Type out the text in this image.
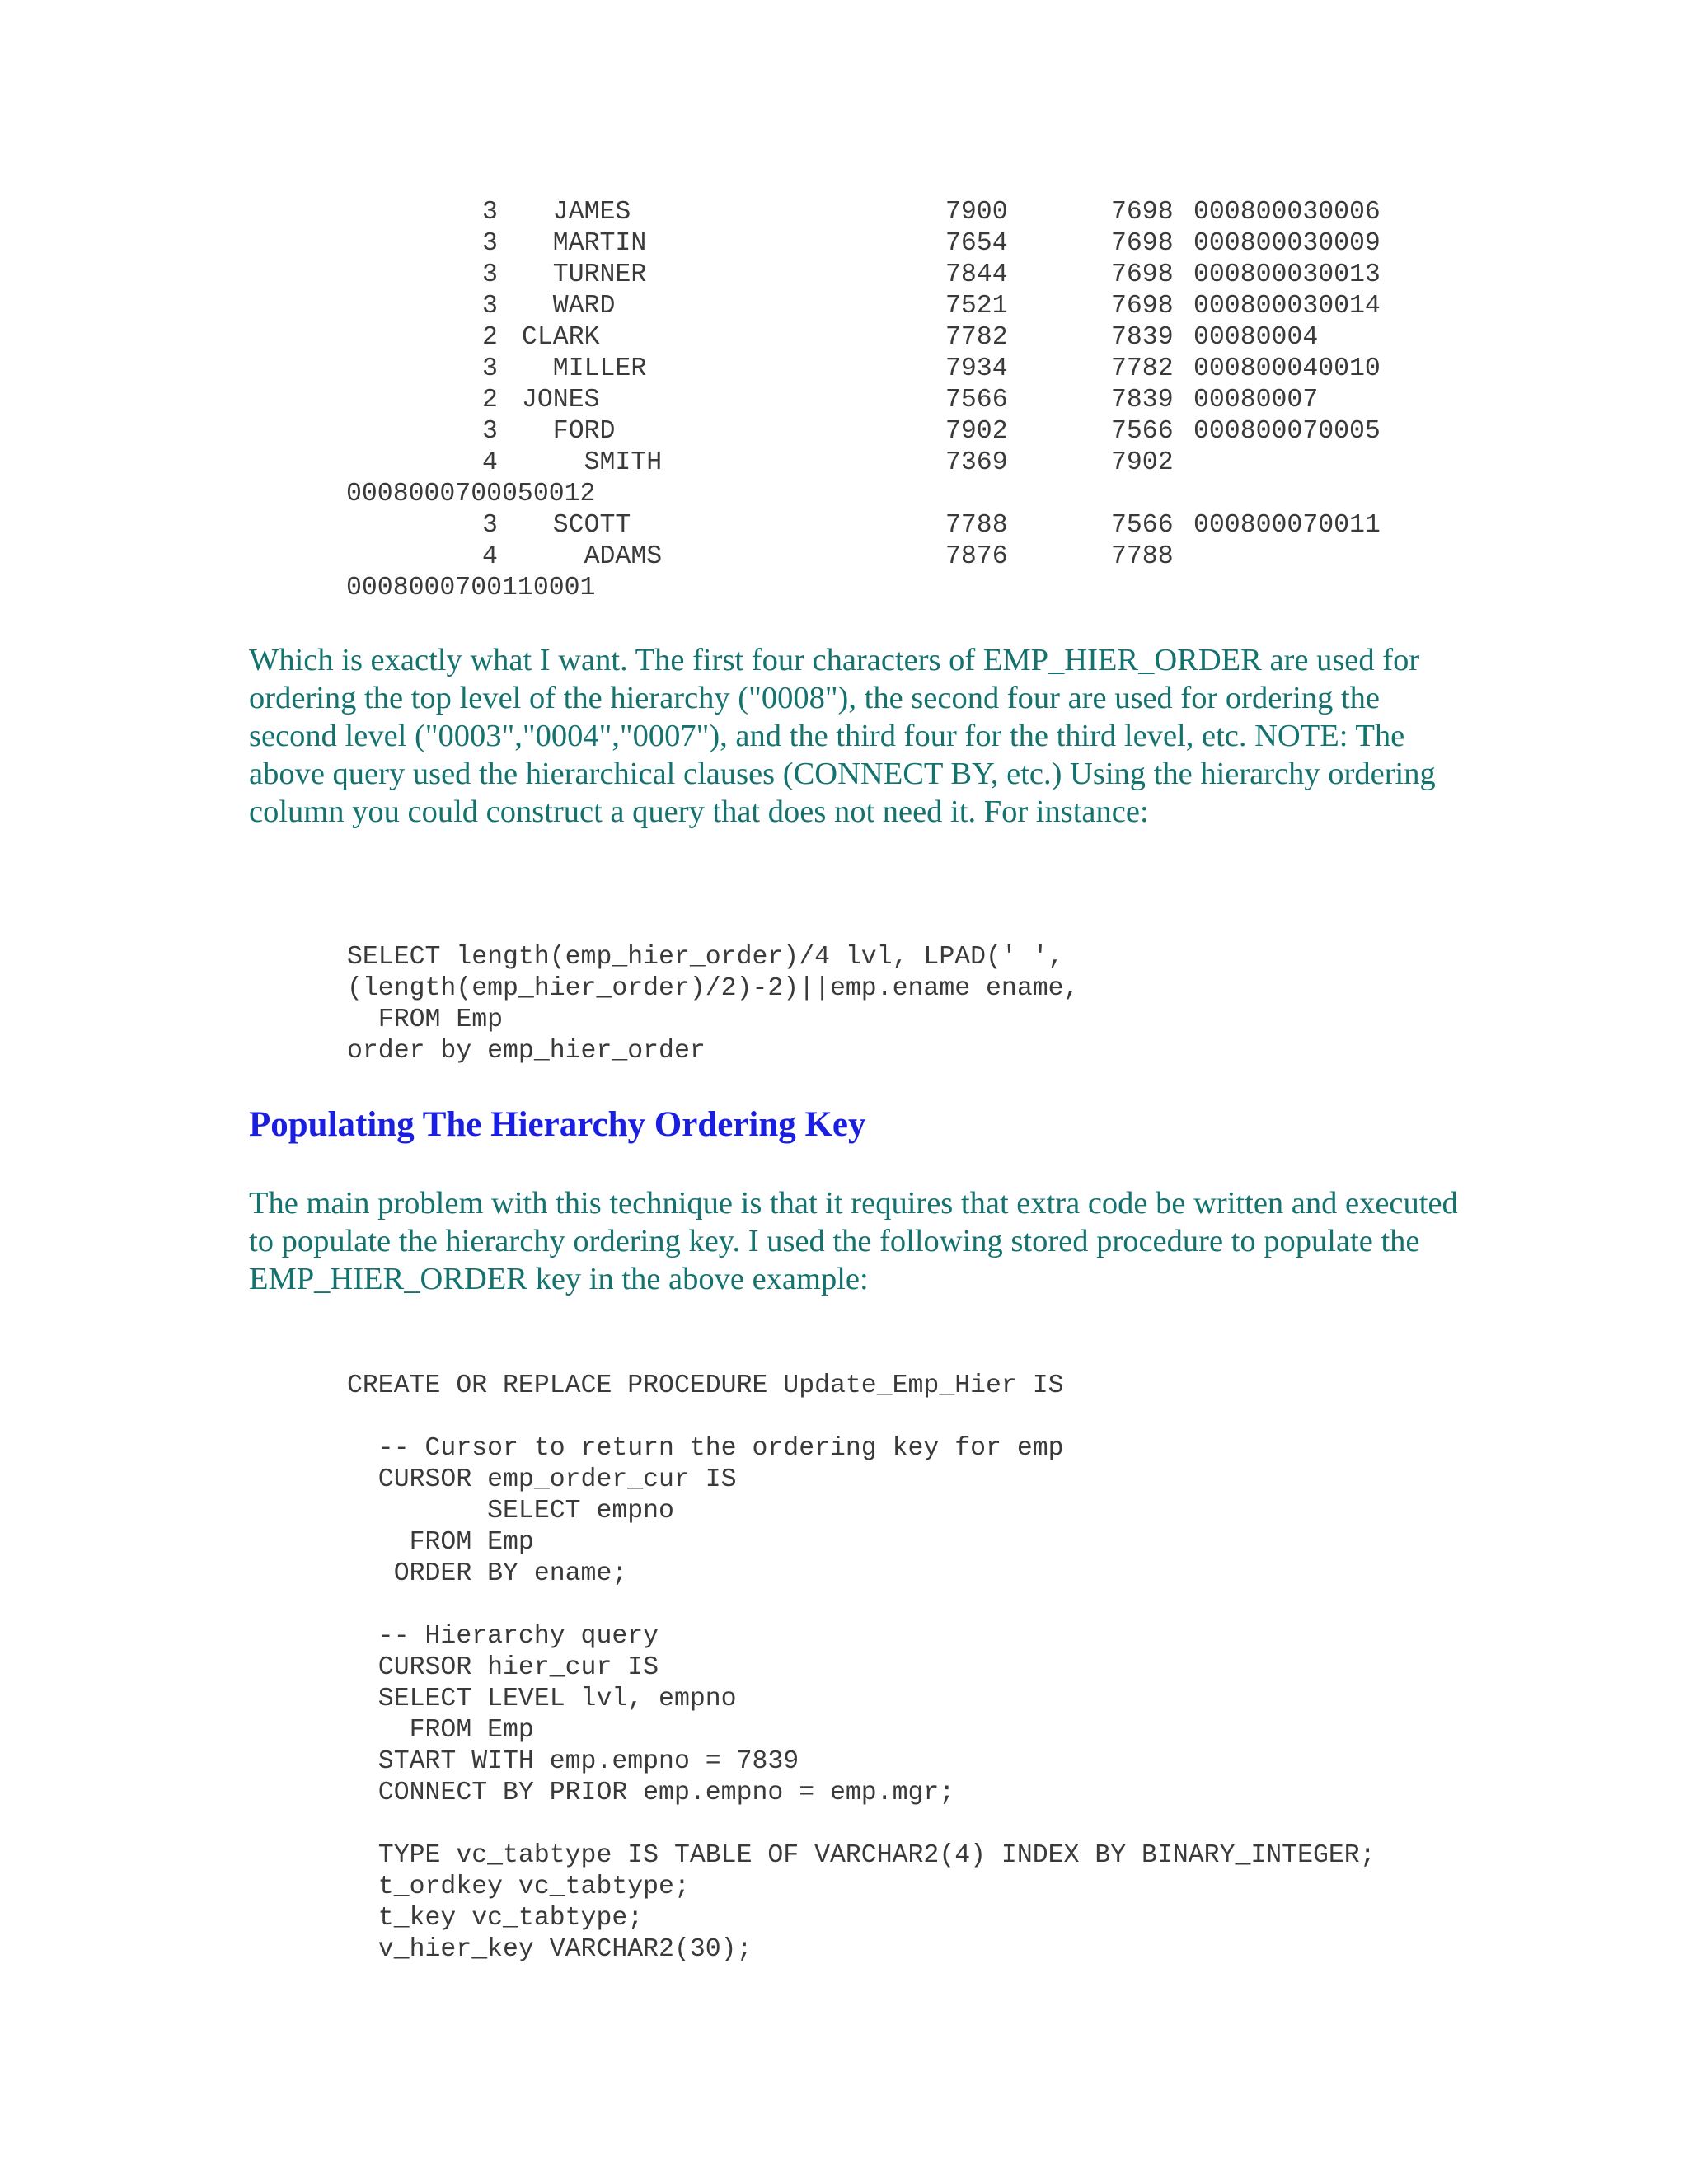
3 JAMES	7900	7698 000800030006
3 MARTIN	7654	7698 000800030009
3 TURNER	7844	7698 000800030013
3 WARD	7521	7698 000800030014
2 CLARK	7782	7839 00080004
3 MILLER	7934	7782 000800040010
2 JONES	7566	7839 00080007
3 FORD	7902	7566 000800070005
4 SMITH	7369	7902
0008000700050012
3 SCOTT	7788	7566 000800070011
4 ADAMS	7876	7788
0008000700110001

Which is exactly what I want. The first four characters of EMP_HIER_ORDER are used for ordering the top level of the hierarchy ("0008"), the second four are used for ordering the second level ("0003","0004","0007"), and the third four for the third level, etc. NOTE: The above query used the hierarchical clauses (CONNECT BY, etc.) Using the hierarchy ordering column you could construct a query that does not need it. For instance:

SELECT length(emp_hier_order)/4 lvl, LPAD(' ',
(length(emp_hier_order)/2)-2)||emp.ename ename,
FROM Emp
order by emp_hier_order
Populating The Hierarchy Ordering Key

The main problem with this technique is that it requires that extra code be written and executed to populate the hierarchy ordering key. I used the following stored procedure to populate the EMP_HIER_ORDER key in the above example:

CREATE OR REPLACE PROCEDURE Update_Emp_Hier IS

-- Cursor to return the ordering key for emp
CURSOR emp_order_cur IS
SELECT empno
FROM Emp
ORDER BY ename;

-- Hierarchy query
CURSOR hier_cur IS
SELECT LEVEL lvl, empno
FROM Emp
START WITH emp.empno = 7839
CONNECT BY PRIOR emp.empno = emp.mgr;

TYPE vc_tabtype IS TABLE OF VARCHAR2(4) INDEX BY BINARY_INTEGER;
t_ordkey vc_tabtype;
t_key vc_tabtype;
v_hier_key VARCHAR2(30);
